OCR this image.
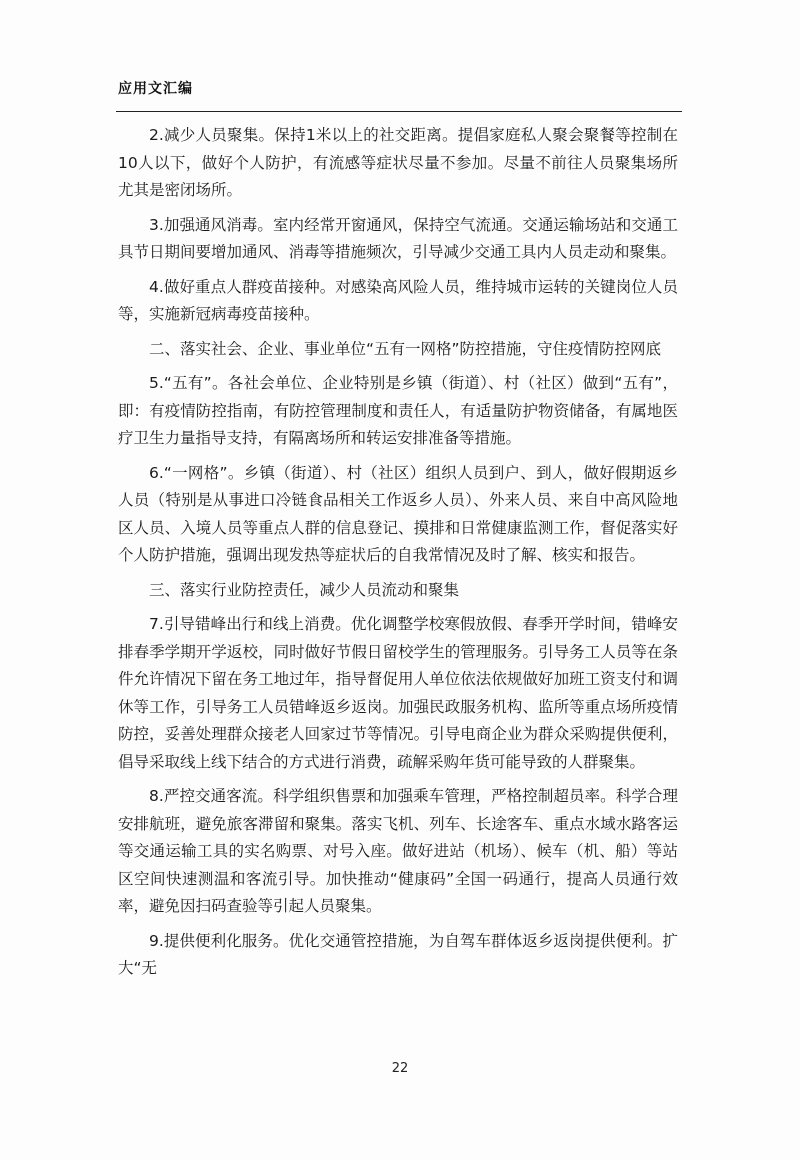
应用文汇编

2.减少人员聚集。保持1米以上的社交距离。提倡家庭私人聚会聚餐等控制在10人以下，做好个人防护，有流感等症状尽量不参加。尽量不前往人员聚集场所尤其是密闭场所。

3.加强通风消毒。室内经常开窗通风，保持空气流通。交通运输场站和交通工具节日期间要增加通风、消毒等措施频次，引导减少交通工具内人员走动和聚集。

4.做好重点人群疫苗接种。对感染高风险人员，维持城市运转的关键岗位人员等，实施新冠病毒疫苗接种。

二、落实社会、企业、事业单位“五有一网格”防控措施，守住疫情防控网底

5.“五有”。各社会单位、企业特别是乡镇（街道）、村（社区）做到“五有”，即：有疫情防控指南，有防控管理制度和责任人，有适量防护物资储备，有属地医疗卫生力量指导支持，有隔离场所和转运安排准备等措施。

6.“一网格”。乡镇（街道）、村（社区）组织人员到户、到人，做好假期返乡人员（特别是从事进口冷链食品相关工作返乡人员）、外来人员、来自中高风险地区人员、入境人员等重点人群的信息登记、摸排和日常健康监测工作，督促落实好个人防护措施，强调出现发热等症状后的自我常情况及时了解、核实和报告。

三、落实行业防控责任，减少人员流动和聚集

7.引导错峰出行和线上消费。优化调整学校寒假放假、春季开学时间，错峰安排春季学期开学返校，同时做好节假日留校学生的管理服务。引导务工人员等在条件允许情况下留在务工地过年，指导督促用人单位依法依规做好加班工资支付和调休等工作，引导务工人员错峰返乡返岗。加强民政服务机构、监所等重点场所疫情防控，妥善处理群众接老人回家过节等情况。引导电商企业为群众采购提供便利，倡导采取线上线下结合的方式进行消费，疏解采购年货可能导致的人群聚集。

8.严控交通客流。科学组织售票和加强乘车管理，严格控制超员率。科学合理安排航班，避免旅客滞留和聚集。落实飞机、列车、长途客车、重点水域水路客运等交通运输工具的实名购票、对号入座。做好进站（机场）、候车（机、船）等站区空间快速测温和客流引导。加快推动“健康码”全国一码通行，提高人员通行效率，避免因扫码查验等引起人员聚集。

9.提供便利化服务。优化交通管控措施，为自驾车群体返乡返岗提供便利。扩大“无

22
